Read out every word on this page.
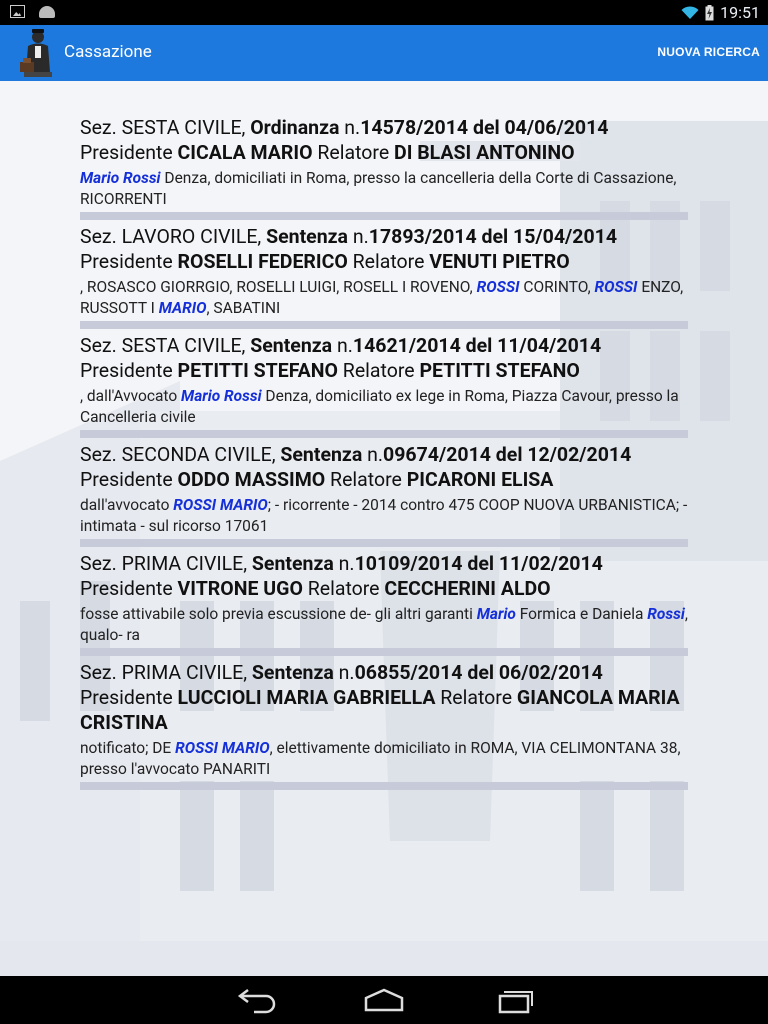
19:51
Cassazione	NUOVA RICERCA
Sez. SESTA CIVILE, Ordinanza n.14578/2014 del 04/06/2014 Presidente CICALA MARIO Relatore DI BLASI ANTONINO
Mario Rossi Denza, domiciliati in Roma, presso la cancelleria della Corte di Cassazione, RICORRENTI
Sez. LAVORO CIVILE, Sentenza n.17893/2014 del 15/04/2014 Presidente ROSELLI FEDERICO Relatore VENUTI PIETRO
, ROSASCO GIORRGIO, ROSELLI LUIGI, ROSELL I ROVENO, ROSSI CORINTO, ROSSI ENZO, RUSSOTT I MARIO, SABATINI
Sez. SESTA CIVILE, Sentenza n.14621/2014 del 11/04/2014 Presidente PETITTI STEFANO Relatore PETITTI STEFANO
, dall'Avvocato Mario Rossi Denza, domiciliato ex lege in Roma, Piazza Cavour, presso la Cancelleria civile
Sez. SECONDA CIVILE, Sentenza n.09674/2014 del 12/02/2014 Presidente ODDO MASSIMO Relatore PICARONI ELISA
dall'avvocato ROSSI MARIO; - ricorrente - 2014 contro 475 COOP NUOVA URBANISTICA; - intimata - sul ricorso 17061
Sez. PRIMA CIVILE, Sentenza n.10109/2014 del 11/02/2014 Presidente VITRONE UGO Relatore CECCHERINI ALDO
fosse attivabile solo previa escussione de- gli altri garanti Mario Formica e Daniela Rossi, qualo- ra
Sez. PRIMA CIVILE, Sentenza n.06855/2014 del 06/02/2014 Presidente LUCCIOLI MARIA GABRIELLA Relatore GIANCOLA MARIA CRISTINA
notificato; DE ROSSI MARIO, elettivamente domiciliato in ROMA, VIA CELIMONTANA 38, presso l'avvocato PANARITI
